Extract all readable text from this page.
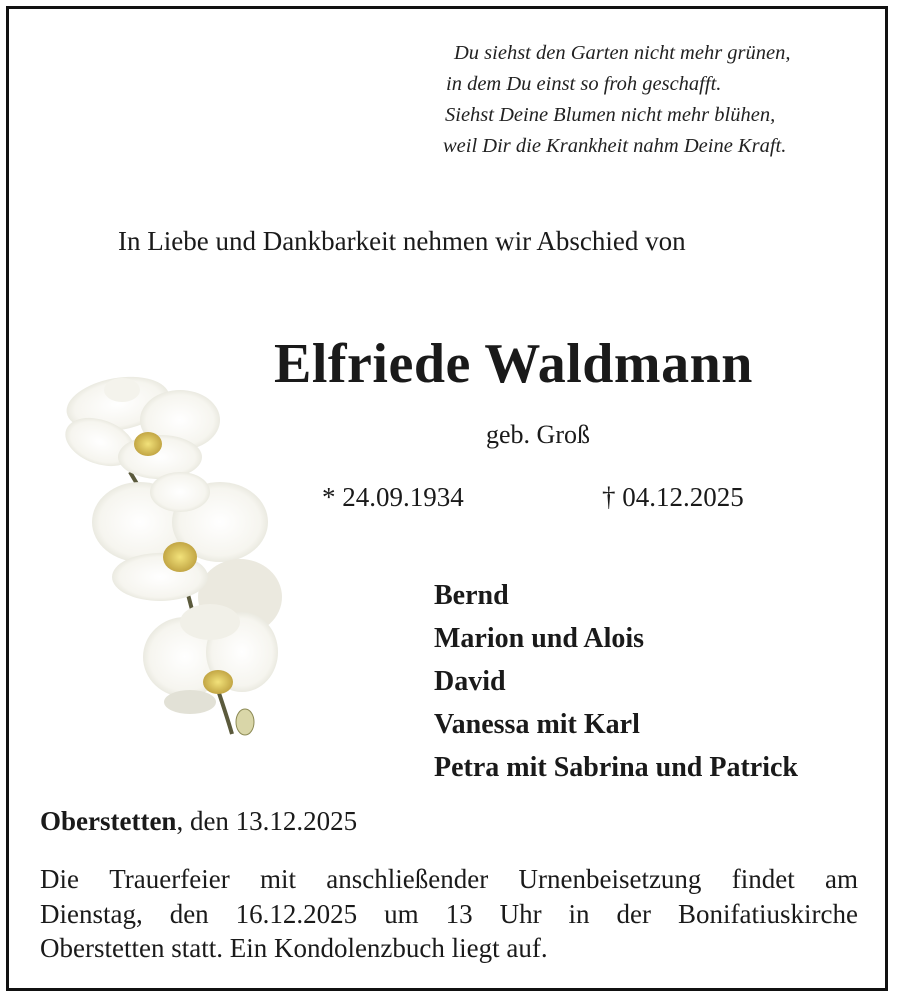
Du siehst den Garten nicht mehr grünen,
in dem Du einst so froh geschafft.
Siehst Deine Blumen nicht mehr blühen,
weil Dir die Krankheit nahm Deine Kraft.
In Liebe und Dankbarkeit nehmen wir Abschied von
Elfriede Waldmann
geb. Groß
* 24.09.1934	† 04.12.2025
Bernd
Marion und Alois
David
Vanessa mit Karl
Petra mit Sabrina und Patrick
Oberstetten, den 13.12.2025
Die Trauerfeier mit anschließender Urnenbeisetzung findet am
Dienstag, den 16.12.2025 um 13 Uhr in der Bonifatiuskirche
Oberstetten statt. Ein Kondolenzbuch liegt auf.
